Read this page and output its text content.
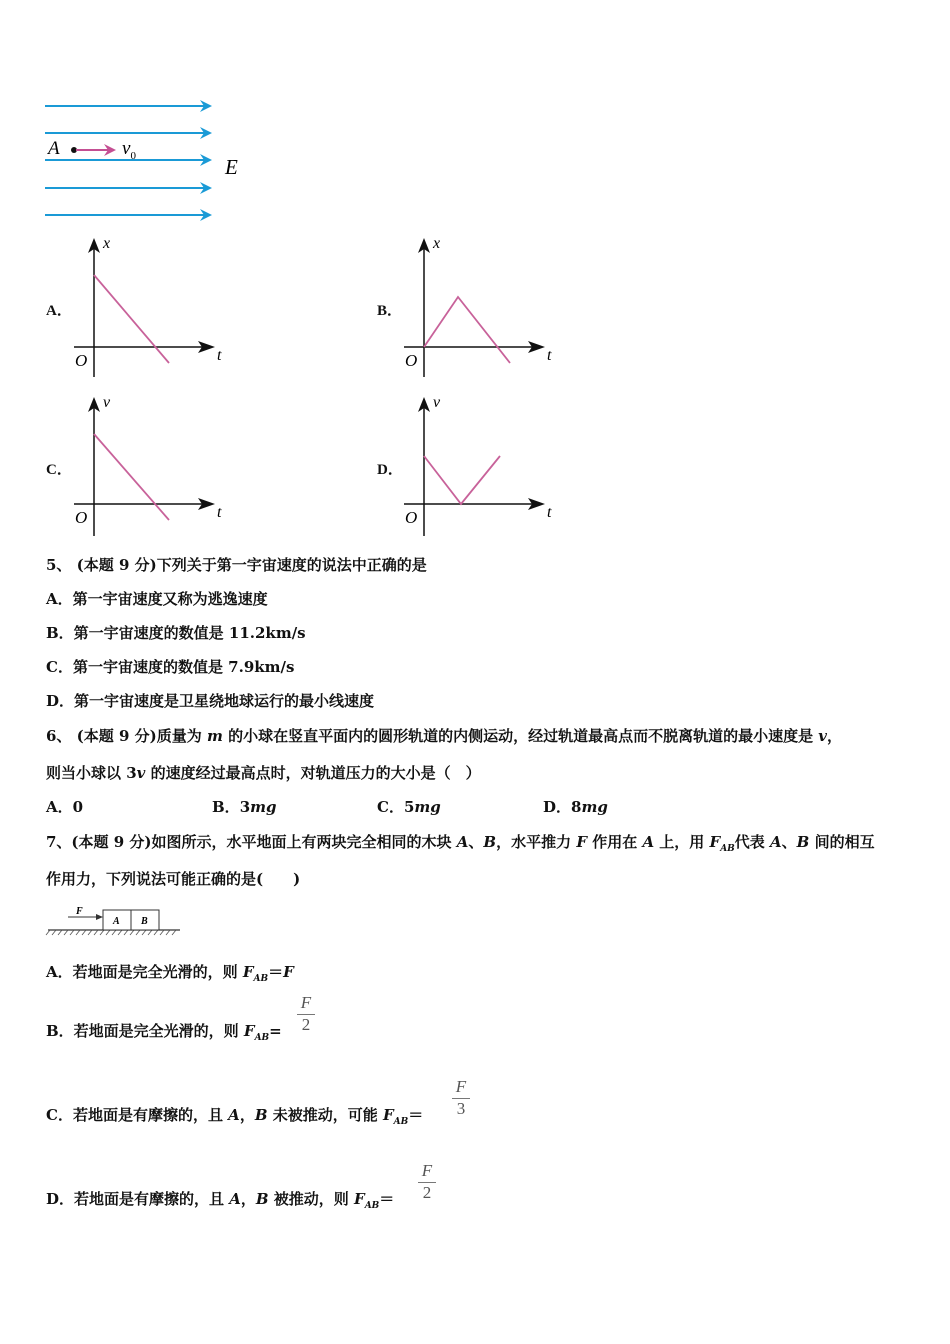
A	$v_0$	E
A．
x
t
O
B．
x
t
O
C．
v
t
O
D．
v
t
O
5、 (本题 9 分)下列关于第一宇宙速度的说法中正确的是
A．第一宇宙速度又称为逃逸速度
B．第一宇宙速度的数值是 11.2km/s
C．第一宇宙速度的数值是 7.9km/s
D．第一宇宙速度是卫星绕地球运行的最小线速度
6、 (本题 9 分)质量为 m 的小球在竖直平面内的圆形轨道的内侧运动，经过轨道最高点而不脱离轨道的最小速度是 v，
则当小球以 3v 的速度经过最高点时，对轨道压力的大小是（　）
A．0	B．3mg	C．5mg	D．8mg
7、(本题 9 分)如图所示，水平地面上有两块完全相同的木块 A、B，水平推力 F 作用在 A 上，用 $F_{AB}$代表 A、B 间的相互
作用力，下列说法可能正确的是(　　)
F
A B
A．若地面是完全光滑的，则 $F_{AB}=F$
B．若地面是完全光滑的，则 $F_{AB}= \frac{F}{2}$
C．若地面是有摩擦的，且 A，B 未被推动，可能 $F_{AB}= \frac{F}{3}$
D．若地面是有摩擦的，且 A，B 被推动，则 $F_{AB}= \frac{F}{2}$
